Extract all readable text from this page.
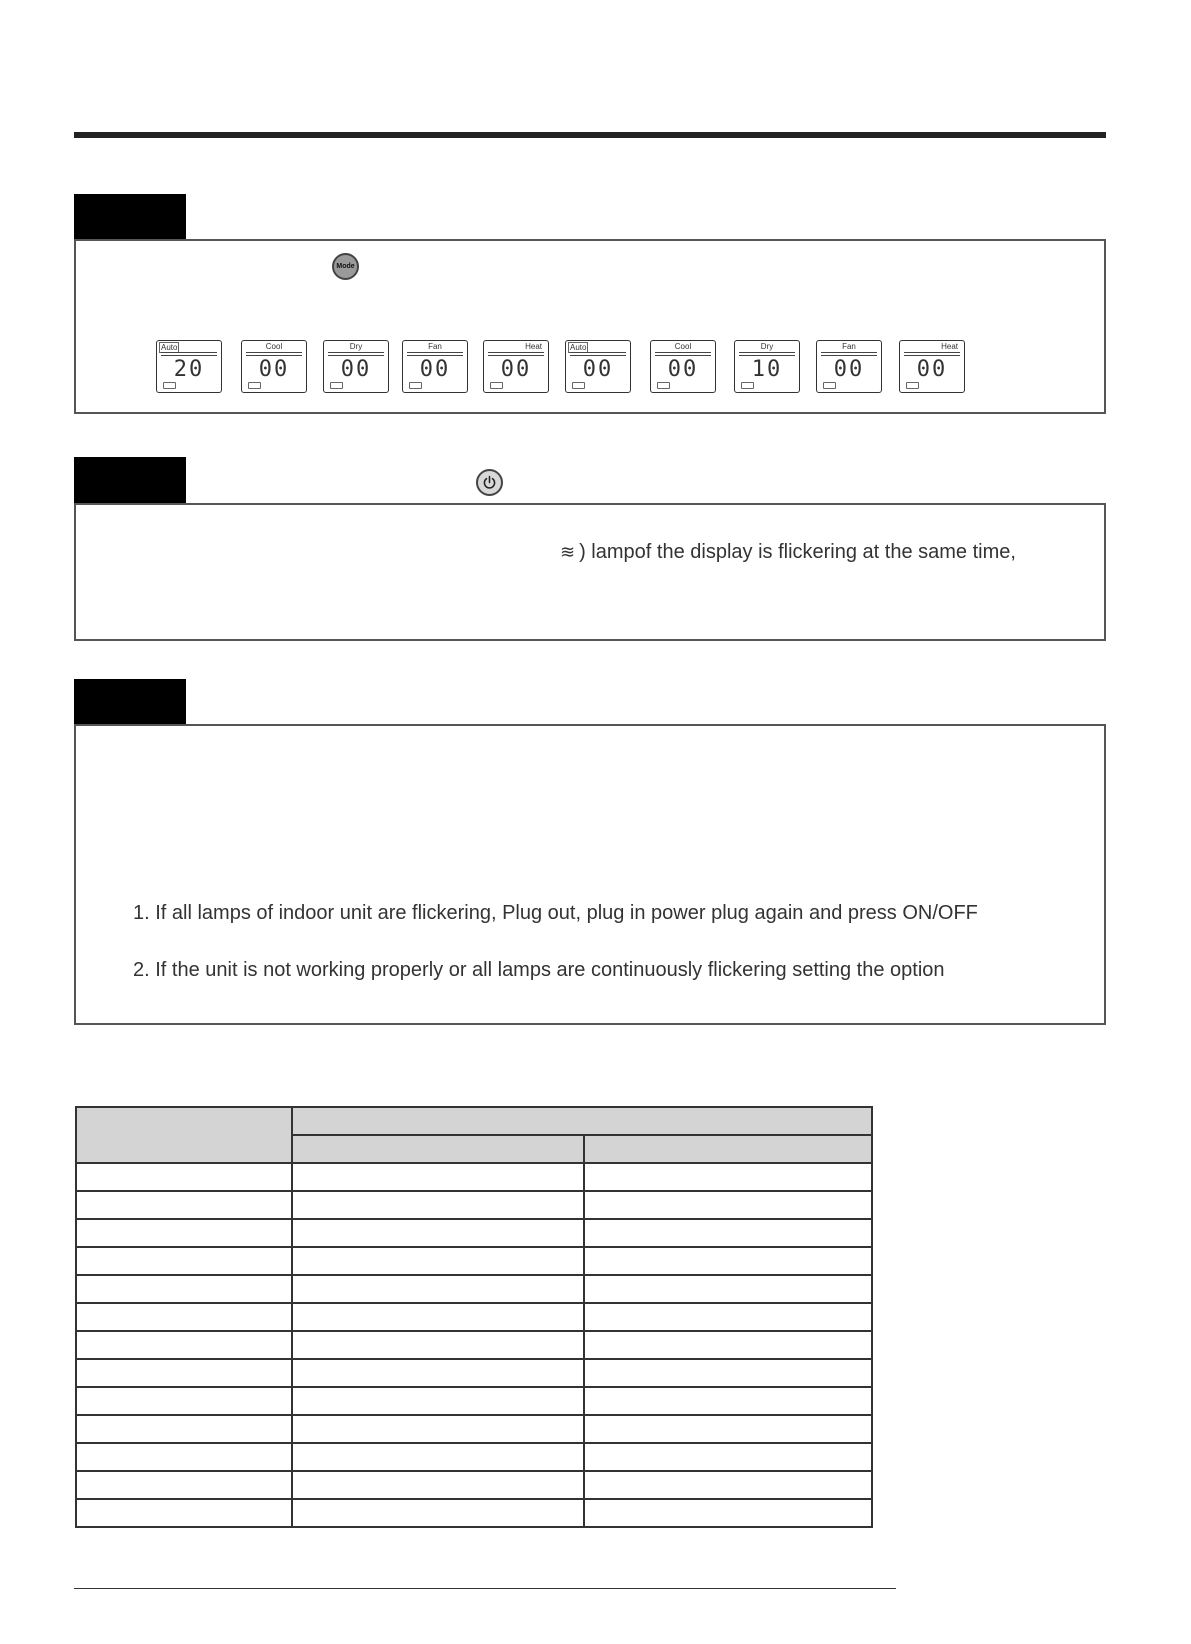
Mode
Auto
20
Cool
00
Dry
00
Fan
00
Heat
00
Auto
00
Cool
00
Dry
10
Fan
00
Heat
00
≋ ) lampof the display is flickering at the same time,
1. If all lamps of indoor unit are flickering, Plug out, plug in power plug again and press ON/OFF
2. If the unit is not working properly or all lamps are continuously flickering setting the option
